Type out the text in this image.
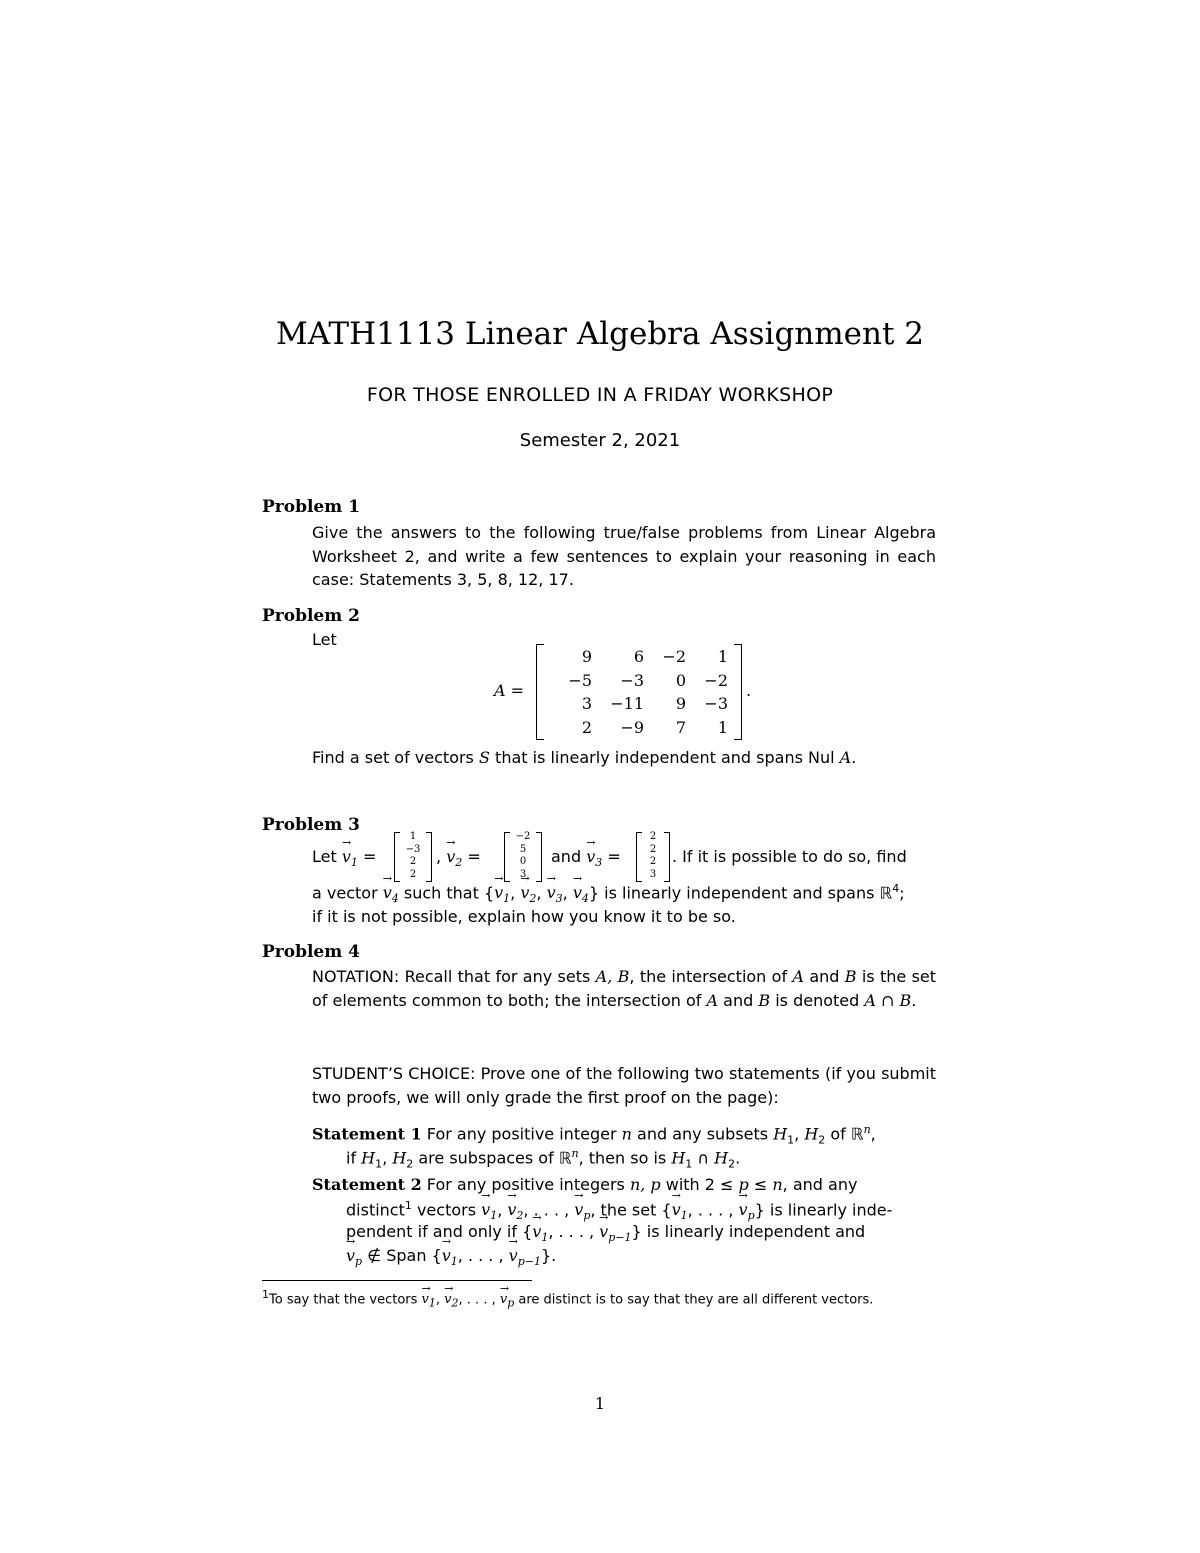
MATH1113 Linear Algebra Assignment 2
FOR THOSE ENROLLED IN A FRIDAY WORKSHOP
Semester 2, 2021
Problem 1
Give the answers to the following true/false problems from Linear Algebra Worksheet 2, and write a few sentences to explain your reasoning in each case: Statements 3, 5, 8, 12, 17.
Problem 2
Let
A =
9	6	−2	1
−5	−3	0	−2
3	−11	9	−3
2	−9	7	1
.
Find a set of vectors S that is linearly independent and spans Nul A.
Problem 3
Let → $v_1$ =
1
−3
2
2
, → $v_2$ =
−2
5
0
3
and → $v_3$ =
2
2
2
3
. If it is possible to do so, find
a vector → $v_4$ such that {→ $v_1$, → $v_2$, → $v_3$, → $v_4$} is linearly independent and spans ℝ$^4$;
if it is not possible, explain how you know it to be so.
Problem 4
NOTATION: Recall that for any sets A, B, the intersection of A and B is the set of elements common to both; the intersection of A and B is denoted A ∩ B.
STUDENT’S CHOICE: Prove one of the following two statements (if you submit two proofs, we will only grade the first proof on the page):
Statement 1 For any positive integer n and any subsets $H_1$, $H_2$ of ℝ$^n$,
if $H_1$, $H_2$ are subspaces of ℝ$^n$, then so is $H_1$ ∩ $H_2$.
Statement 2 For any positive integers n, p with 2 ≤ p ≤ n, and any
distinct$^1$ vectors → $v_1$, → $v_2$, . . . , → $v_p$, the set {→ $v_1$, . . . , → $v_p$} is linearly inde-
pendent if and only if {→ $v_1$, . . . , → $v_{p-1}$} is linearly independent and
→ $v_p$ ∉ Span {→ $v_1$, . . . , → $v_{p-1}$}.
$^1$To say that the vectors → $v_1$, → $v_2$, . . . , → $v_p$ are distinct is to say that they are all different vectors.
1
